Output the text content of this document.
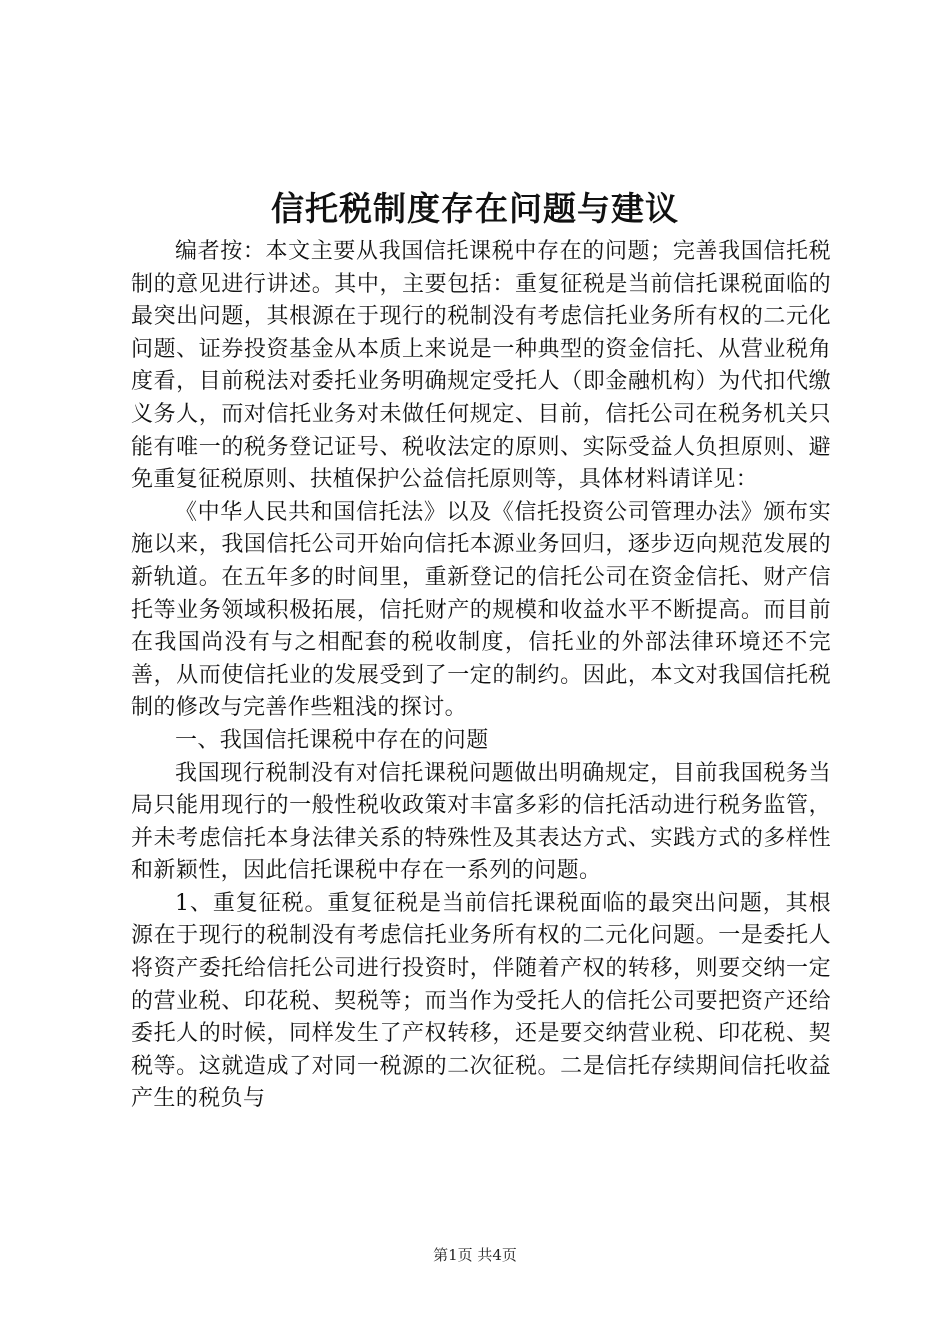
信托税制度存在问题与建议

编者按：本文主要从我国信托课税中存在的问题；完善我国信托税制的意见进行讲述。其中，主要包括：重复征税是当前信托课税面临的最突出问题，其根源在于现行的税制没有考虑信托业务所有权的二元化问题、证券投资基金从本质上来说是一种典型的资金信托、从营业税角度看，目前税法对委托业务明确规定受托人（即金融机构）为代扣代缴义务人，而对信托业务对未做任何规定、目前，信托公司在税务机关只能有唯一的税务登记证号、税收法定的原则、实际受益人负担原则、避免重复征税原则、扶植保护公益信托原则等，具体材料请详见：

《中华人民共和国信托法》以及《信托投资公司管理办法》颁布实施以来，我国信托公司开始向信托本源业务回归，逐步迈向规范发展的新轨道。在五年多的时间里，重新登记的信托公司在资金信托、财产信托等业务领域积极拓展，信托财产的规模和收益水平不断提高。而目前在我国尚没有与之相配套的税收制度，信托业的外部法律环境还不完善，从而使信托业的发展受到了一定的制约。因此，本文对我国信托税制的修改与完善作些粗浅的探讨。

一、我国信托课税中存在的问题

我国现行税制没有对信托课税问题做出明确规定，目前我国税务当局只能用现行的一般性税收政策对丰富多彩的信托活动进行税务监管，并未考虑信托本身法律关系的特殊性及其表达方式、实践方式的多样性和新颖性，因此信托课税中存在一系列的问题。

1、重复征税。重复征税是当前信托课税面临的最突出问题，其根源在于现行的税制没有考虑信托业务所有权的二元化问题。一是委托人将资产委托给信托公司进行投资时，伴随着产权的转移，则要交纳一定的营业税、印花税、契税等；而当作为受托人的信托公司要把资产还给委托人的时候，同样发生了产权转移，还是要交纳营业税、印花税、契税等。这就造成了对同一税源的二次征税。二是信托存续期间信托收益产生的税负与

第1页 共4页
